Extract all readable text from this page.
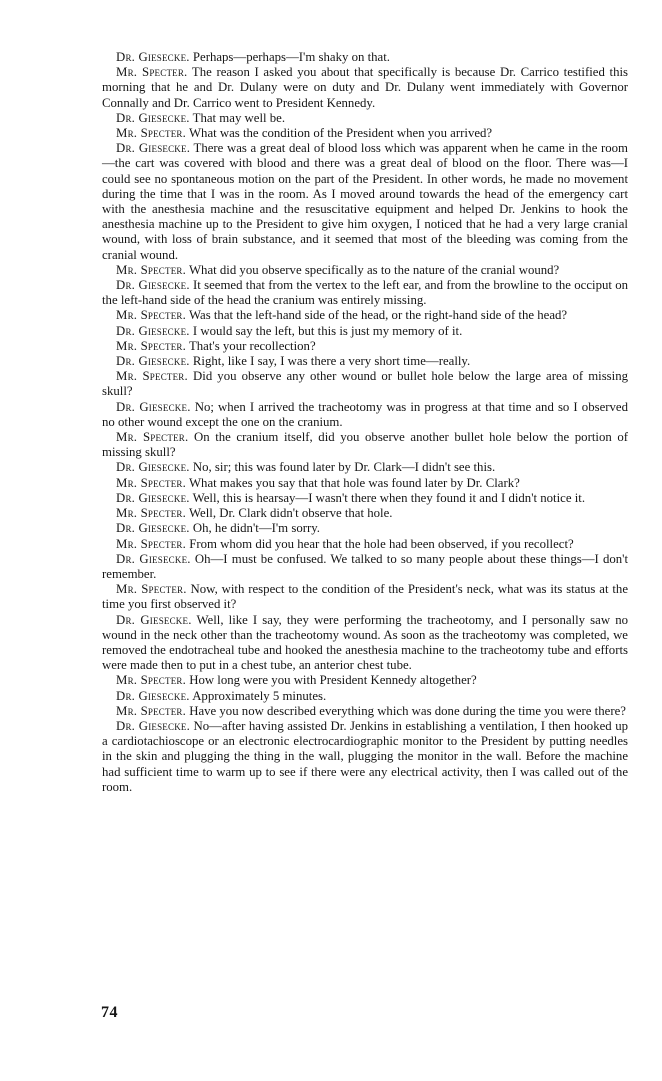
Dr. Giesecke. Perhaps—perhaps—I'm shaky on that.

Mr. Specter. The reason I asked you about that specifically is because Dr. Carrico testified this morning that he and Dr. Dulany were on duty and Dr. Dulany went immediately with Governor Connally and Dr. Carrico went to President Kennedy.

Dr. Giesecke. That may well be.

Mr. Specter. What was the condition of the President when you arrived?

Dr. Giesecke. There was a great deal of blood loss which was apparent when he came in the room—the cart was covered with blood and there was a great deal of blood on the floor. There was—I could see no spontaneous motion on the part of the President. In other words, he made no movement during the time that I was in the room. As I moved around towards the head of the emergency cart with the anesthesia machine and the resuscitative equipment and helped Dr. Jenkins to hook the anesthesia machine up to the President to give him oxygen, I noticed that he had a very large cranial wound, with loss of brain substance, and it seemed that most of the bleeding was coming from the cranial wound.

Mr. Specter. What did you observe specifically as to the nature of the cranial wound?

Dr. Giesecke. It seemed that from the vertex to the left ear, and from the browline to the occiput on the left-hand side of the head the cranium was entirely missing.

Mr. Specter. Was that the left-hand side of the head, or the right-hand side of the head?

Dr. Giesecke. I would say the left, but this is just my memory of it.

Mr. Specter. That's your recollection?

Dr. Giesecke. Right, like I say, I was there a very short time—really.

Mr. Specter. Did you observe any other wound or bullet hole below the large area of missing skull?

Dr. Giesecke. No; when I arrived the tracheotomy was in progress at that time and so I observed no other wound except the one on the cranium.

Mr. Specter. On the cranium itself, did you observe another bullet hole below the portion of missing skull?

Dr. Giesecke. No, sir; this was found later by Dr. Clark—I didn't see this.

Mr. Specter. What makes you say that that hole was found later by Dr. Clark?

Dr. Giesecke. Well, this is hearsay—I wasn't there when they found it and I didn't notice it.

Mr. Specter. Well, Dr. Clark didn't observe that hole.

Dr. Giesecke. Oh, he didn't—I'm sorry.

Mr. Specter. From whom did you hear that the hole had been observed, if you recollect?

Dr. Giesecke. Oh—I must be confused. We talked to so many people about these things—I don't remember.

Mr. Specter. Now, with respect to the condition of the President's neck, what was its status at the time you first observed it?

Dr. Giesecke. Well, like I say, they were performing the tracheotomy, and I personally saw no wound in the neck other than the tracheotomy wound. As soon as the tracheotomy was completed, we removed the endotracheal tube and hooked the anesthesia machine to the tracheotomy tube and efforts were made then to put in a chest tube, an anterior chest tube.

Mr. Specter. How long were you with President Kennedy altogether?

Dr. Giesecke. Approximately 5 minutes.

Mr. Specter. Have you now described everything which was done during the time you were there?

Dr. Giesecke. No—after having assisted Dr. Jenkins in establishing a ventilation, I then hooked up a cardiotachioscope or an electronic electrocardiographic monitor to the President by putting needles in the skin and plugging the thing in the wall, plugging the monitor in the wall. Before the machine had sufficient time to warm up to see if there were any electrical activity, then I was called out of the room.

74
